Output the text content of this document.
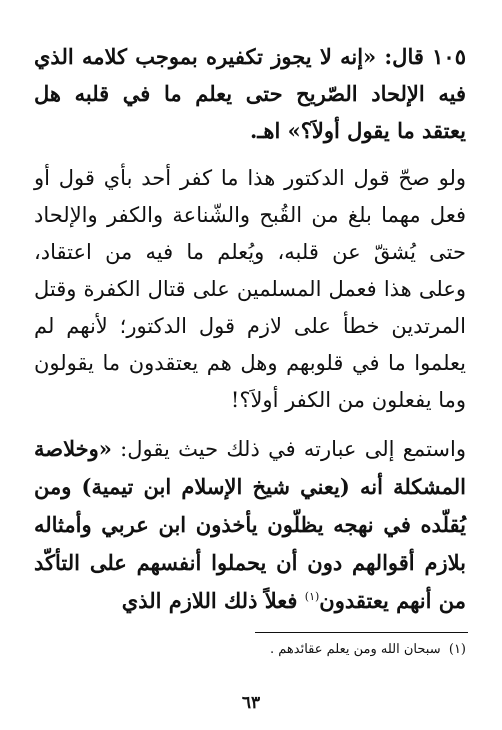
١٠٥ قال: «إنه لا يجوز تكفيره بموجب كلامه الذي فيه الإلحاد الصّريح حتى يعلم ما في قلبه هل يعتقد ما يقول أولاَ؟» اهـ.

ولو صحّ قول الدكتور هذا ما كفر أحد بأي قول أو فعل مهما بلغ من القُبح والشّناعة والكفر والإلحاد حتى يُشقّ عن قلبه، ويُعلم ما فيه من اعتقاد، وعلى هذا فعمل المسلمين على قتال الكفرة وقتل المرتدين خطأ على لازم قول الدكتور؛ لأنهم لم يعلموا ما في قلوبهم وهل هم يعتقدون ما يقولون وما يفعلون من الكفر أولاَ؟!

واستمع إلى عبارته في ذلك حيث يقول: «وخلاصة المشكلة أنه (يعني شيخ الإسلام ابن تيمية) ومن يُقلّده في نهجه يظلّون يأخذون ابن عربي وأمثاله بلازم أقوالهم دون أن يحملوا أنفسهم على التأكّد من أنهم يعتقدون$^{(١)}$ فعلاً ذلك اللازم الذي

(١)  سبحان الله ومن يعلم عقائدهم .

٦٣
